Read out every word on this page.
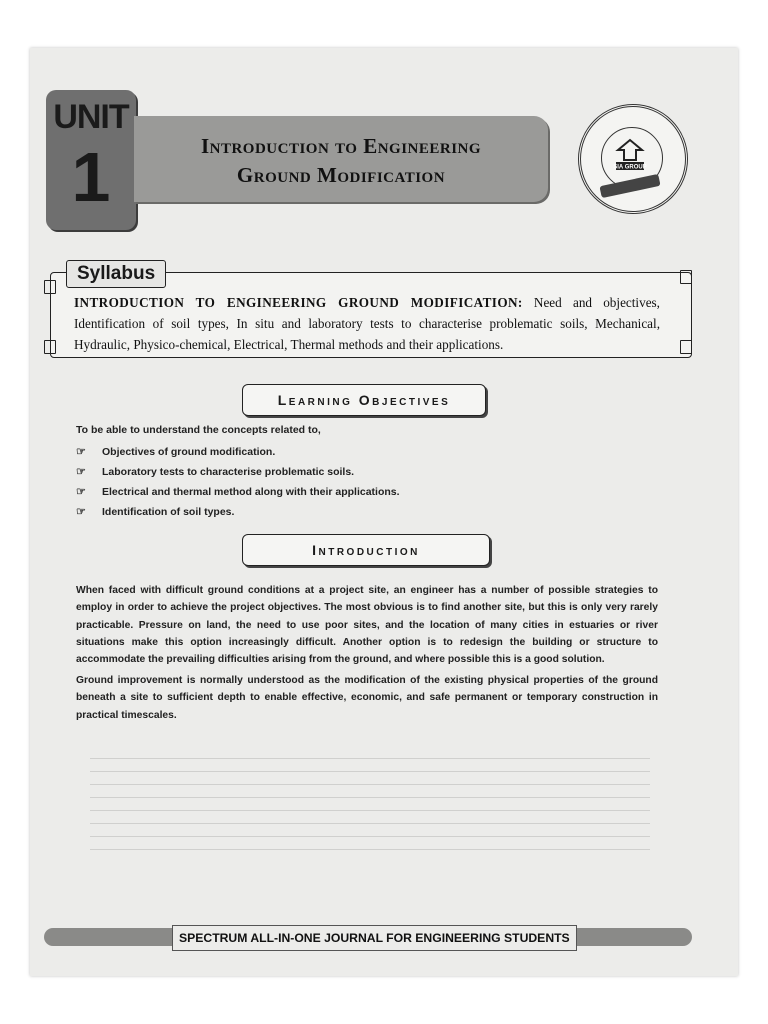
UNIT
1	Introduction to Engineering
Ground Modification	SIA GROUP
Syllabus
INTRODUCTION TO ENGINEERING GROUND MODIFICATION: Need and objectives, Identification of soil types, In situ and laboratory tests to characterise problematic soils, Mechanical, Hydraulic, Physico-chemical, Electrical, Thermal methods and their applications.
Learning Objectives
To be able to understand the concepts related to,
☞	Objectives of ground modification.
☞	Laboratory tests to characterise problematic soils.
☞	Electrical and thermal method along with their applications.
☞	Identification of soil types.
Introduction
When faced with difficult ground conditions at a project site, an engineer has a number of possible strategies to employ in order to achieve the project objectives. The most obvious is to find another site, but this is only very rarely practicable. Pressure on land, the need to use poor sites, and the location of many cities in estuaries or river situations make this option increasingly difficult. Another option is to redesign the building or structure to accommodate the prevailing difficulties arising from the ground, and where possible this is a good solution.
Ground improvement is normally understood as the modification of the existing physical properties of the ground beneath a site to sufficient depth to enable effective, economic, and safe permanent or temporary construction in practical timescales.
SPECTRUM ALL-IN-ONE JOURNAL FOR ENGINEERING STUDENTS
